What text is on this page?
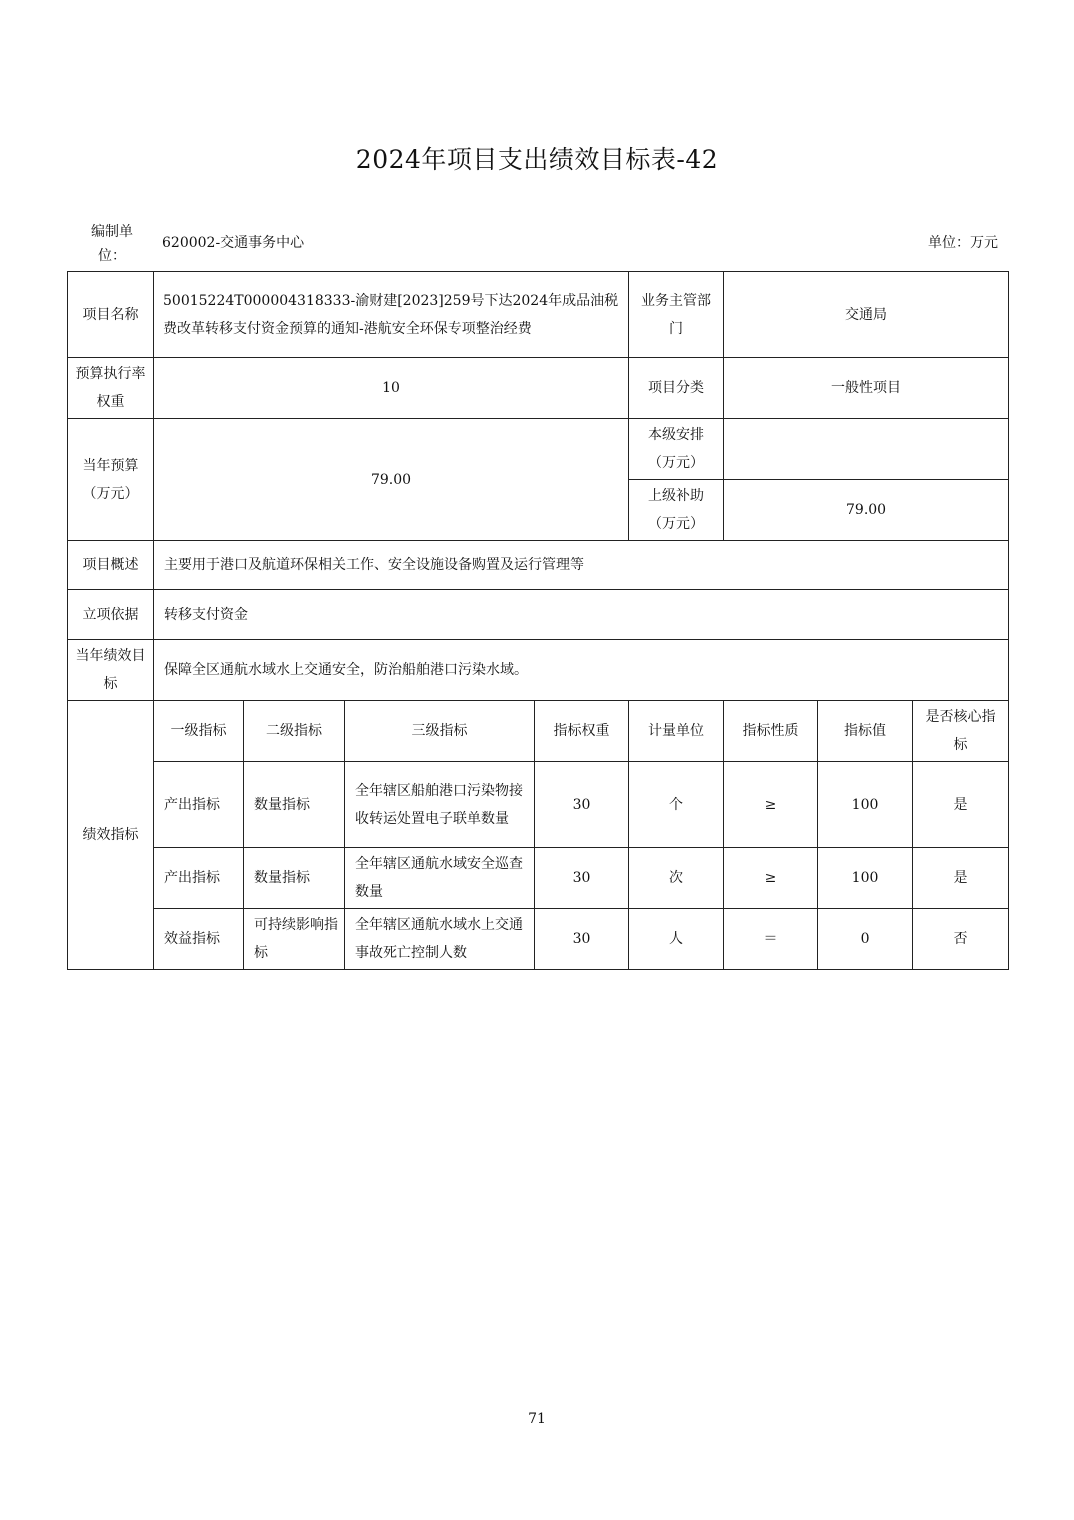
2024年项目支出绩效目标表-42
编制单位：
620002-交通事务中心	单位：万元
项目名称	50015224T000004318333-渝财建[2023]259号下达2024年成品油税费改革转移支付资金预算的通知-港航安全环保专项整治经费				业务主管部门	交通局		
预算执行率权重	10				项目分类	一般性项目		
当年预算（万元）	79.00				本级安排（万元）			
					上级补助（万元）	79.00		
项目概述	主要用于港口及航道环保相关工作、安全设施设备购置及运行管理等							
立项依据	转移支付资金							
当年绩效目标	保障全区通航水域水上交通安全，防治船舶港口污染水域。							
绩效指标	一级指标	二级指标	三级指标	指标权重	计量单位	指标性质	指标值	是否核心指标
	产出指标	数量指标	全年辖区船舶港口污染物接收转运处置电子联单数量	30	个	≥	100	是
	产出指标	数量指标	全年辖区通航水域安全巡查数量	30	次	≥	100	是
	效益指标	可持续影响指标	全年辖区通航水域水上交通事故死亡控制人数	30	人	＝	0	否
71
